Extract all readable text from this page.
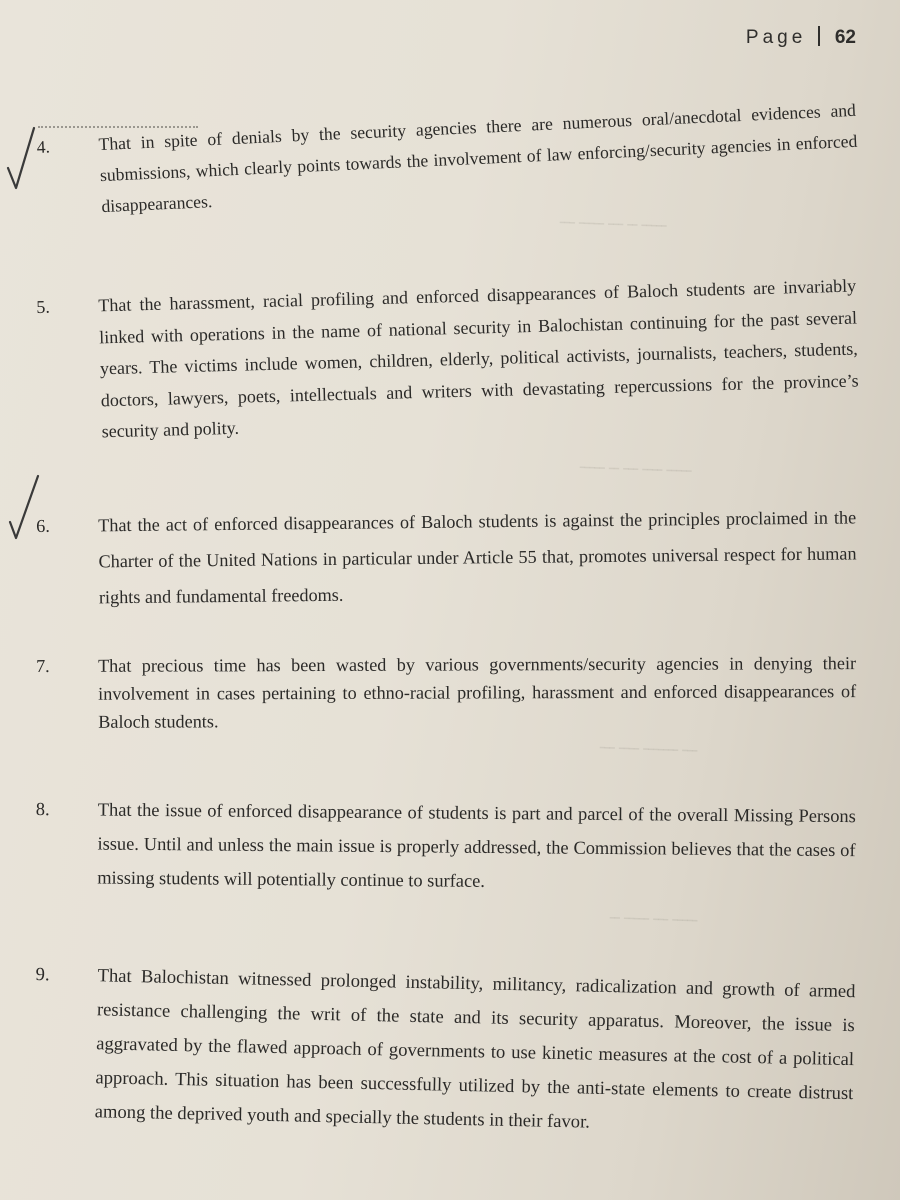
ـــــ ــ ـــ ـــــ ـــ
ـــــ ــــ ـــ ــ ـــــ
ـــ ـــــــ ــــ ـــ
ـــــ ـــ ـــــ ــ
Page 62
4.	That in spite of denials by the security agencies there are numerous oral/anecdotal evidences and submissions, which clearly points towards the involvement of law enforcing/security agencies in enforced disappearances.
5.	That the harassment, racial profiling and enforced disappearances of Baloch students are invariably linked with operations in the name of national security in Balochistan continuing for the past several years. The victims include women, children, elderly, political activists, journalists, teachers, students, doctors, lawyers, poets, intellectuals and writers with devastating repercussions for the province’s security and polity.
6.	That the act of enforced disappearances of Baloch students is against the principles proclaimed in the Charter of the United Nations in particular under Article 55 that, promotes universal respect for human rights and fundamental freedoms.
7.	That precious time has been wasted by various governments/security agencies in denying their involvement in cases pertaining to ethno-racial profiling, harassment and enforced disappearances of Baloch students.
8.	That the issue of enforced disappearance of students is part and parcel of the overall Missing Persons issue. Until and unless the main issue is properly addressed, the Commission believes that the cases of missing students will potentially continue to surface.
9.	That Balochistan witnessed prolonged instability, militancy, radicalization and growth of armed resistance challenging the writ of the state and its security apparatus. Moreover, the issue is aggravated by the flawed approach of governments to use kinetic measures at the cost of a political approach. This situation has been successfully utilized by the anti-state elements to create distrust among the deprived youth and specially the students in their favor.
